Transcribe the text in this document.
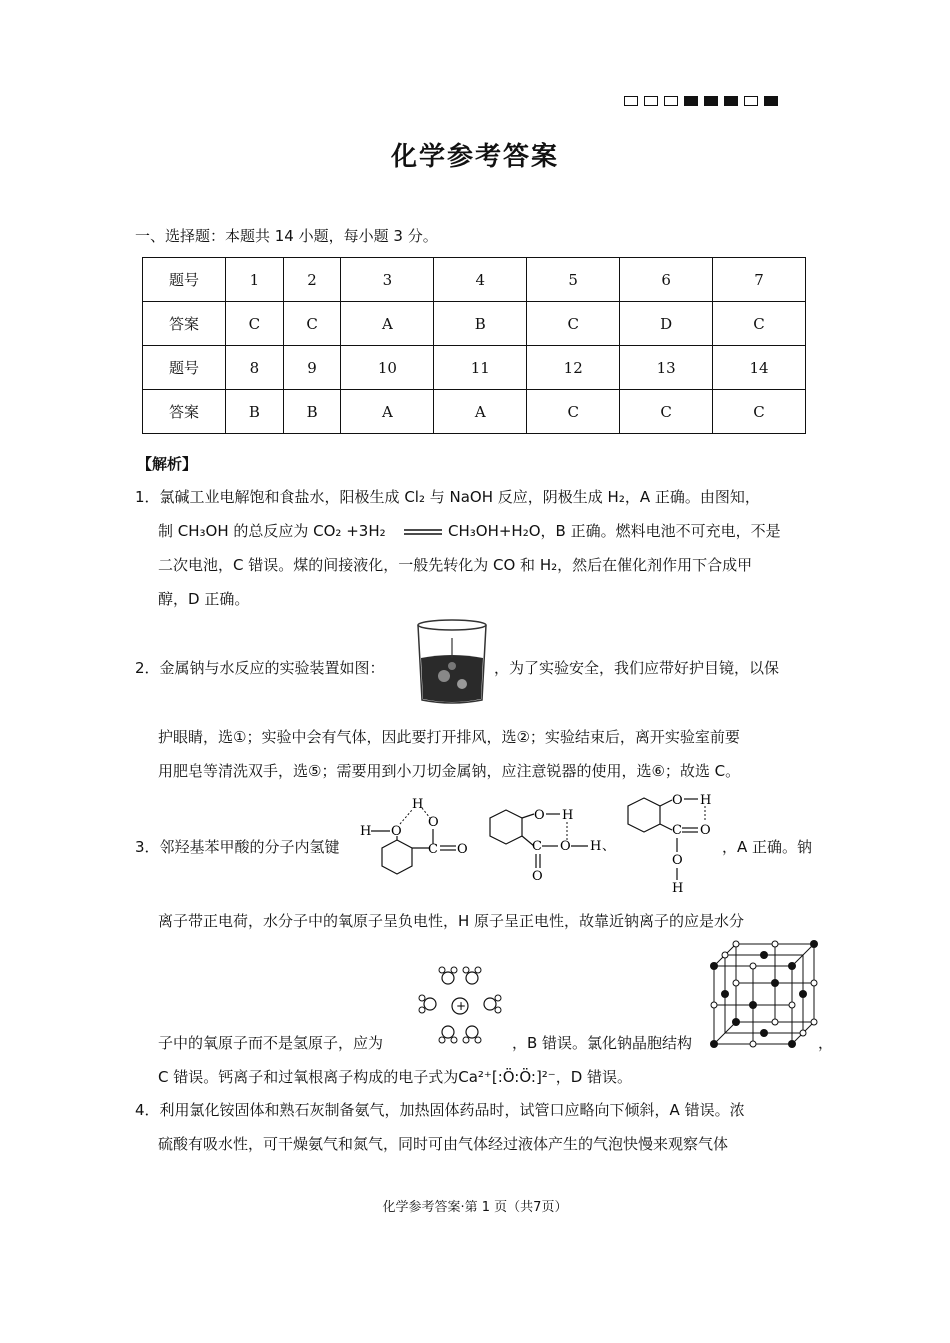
化学参考答案
一、选择题：本题共 14 小题，每小题 3 分。
题号	1	2	3	4	5	6	7
答案	C	C	A	B	C	D	C
题号	8	9	10	11	12	13	14
答案	B	B	A	A	C	C	C
【解析】
1．氯碱工业电解饱和食盐水，阳极生成 Cl₂ 与 NaOH 反应，阴极生成 H₂，A 正确。由图知，
制 CH₃OH 的总反应为 CO₂ +3H₂	CH₃OH+H₂O，B 正确。燃料电池不可充电，不是
二次电池，C 错误。煤的间接液化，一般先转化为 CO 和 H₂，然后在催化剂作用下合成甲
醇，D 正确。
2．金属钠与水反应的实验装置如图：	，为了实验安全，我们应带好护目镜，以保
护眼睛，选①；实验中会有气体，因此要打开排风，选②；实验结束后，离开实验室前要
用肥皂等清洗双手，选⑤；需要用到小刀切金属钠，应注意锐器的使用，选⑥；故选 C。
3．邻羟基苯甲酸的分子内氢键
H O
H
O
C O
O H
C O H 、
O
O H
C O
O
H
，A 正确。钠
离子带正电荷，水分子中的氧原子呈负电性，H 原子呈正电性，故靠近钠离子的应是水分
子中的氧原子而不是氢原子，应为
+
，B 错误。氯化钠晶胞结构	，
C 错误。钙离子和过氧根离子构成的电子式为Ca²⁺[:Ö:Ö:]²⁻，D 错误。
4．利用氯化铵固体和熟石灰制备氨气，加热固体药品时，试管口应略向下倾斜，A 错误。浓
硫酸有吸水性，可干燥氨气和氮气，同时可由气体经过液体产生的气泡快慢来观察气体
化学参考答案·第 1 页（共7页）
